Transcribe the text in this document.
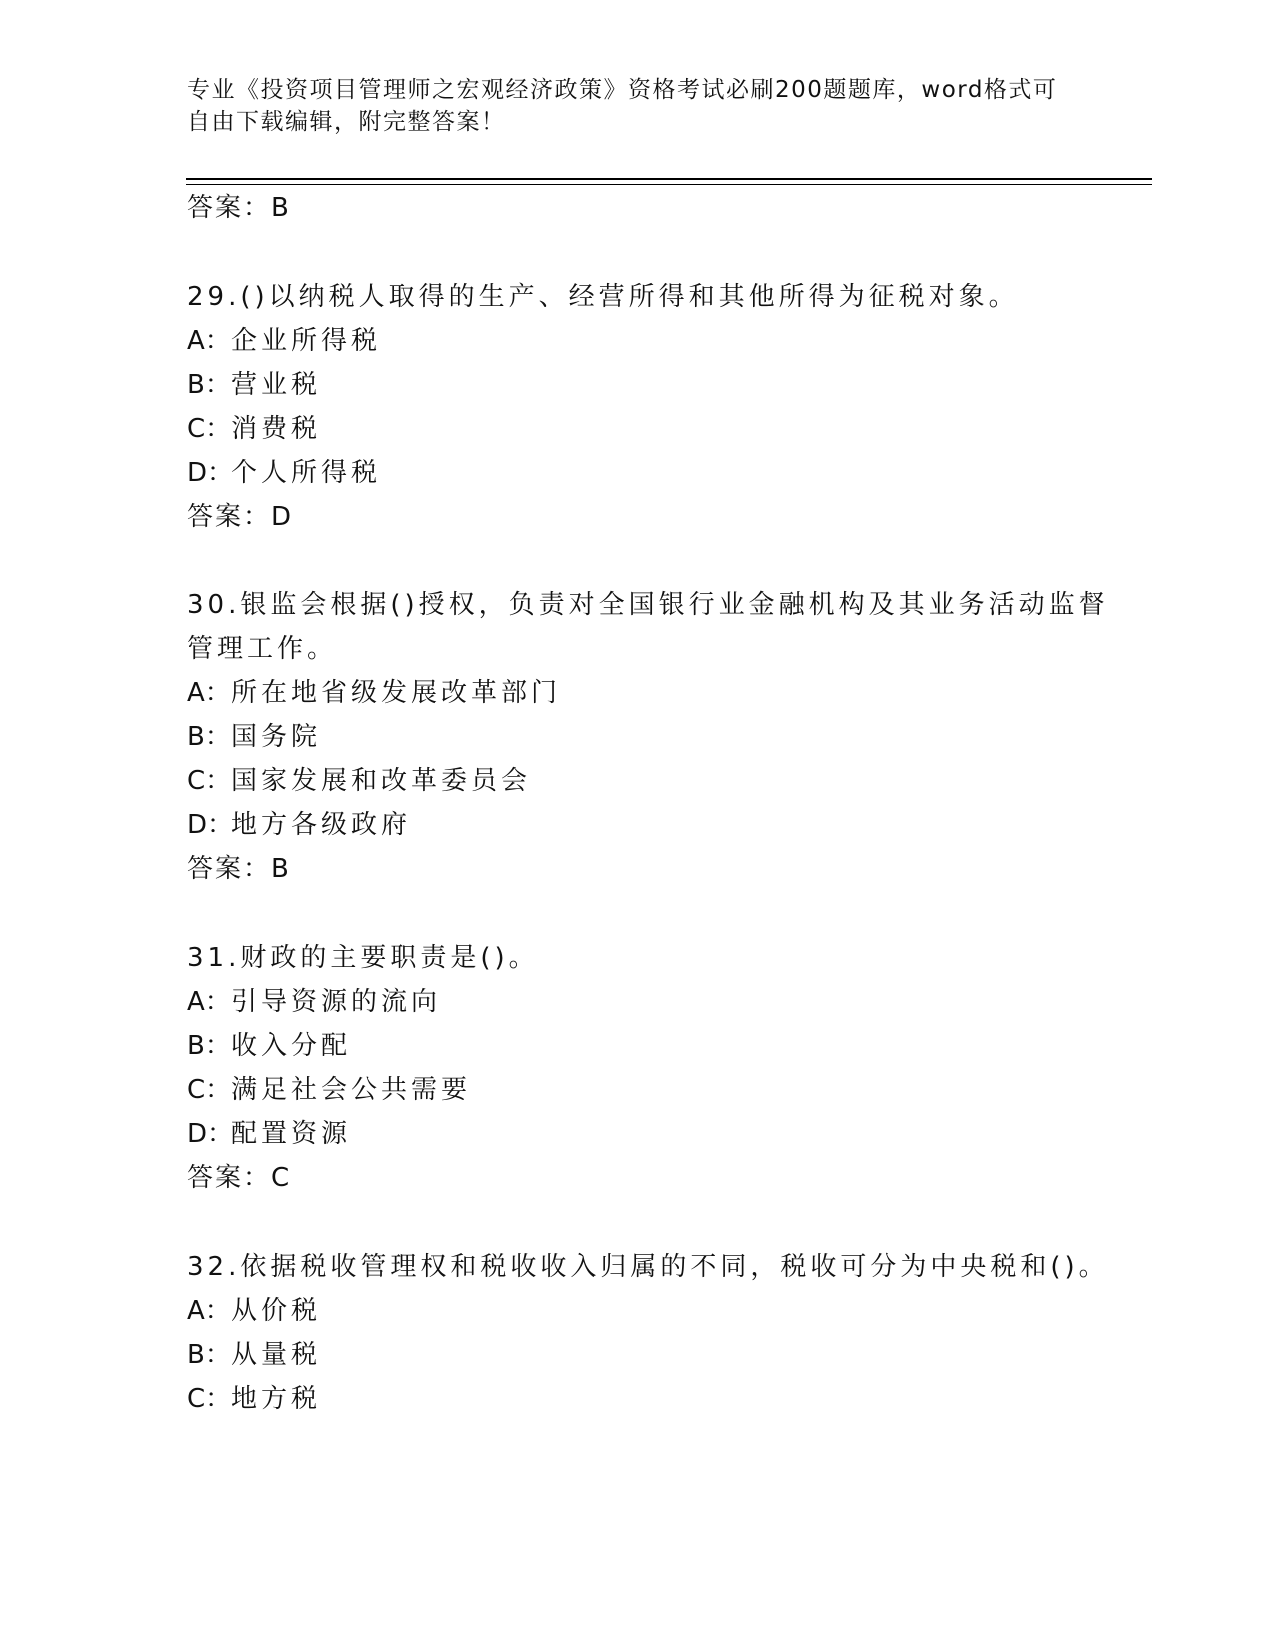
专业《投资项目管理师之宏观经济政策》资格考试必刷200题题库，word格式可
自由下载编辑，附完整答案！
答案：B
29.()以纳税人取得的生产、经营所得和其他所得为征税对象。
A：企业所得税
B：营业税
C：消费税
D：个人所得税
答案：D
30.银监会根据()授权，负责对全国银行业金融机构及其业务活动监督
管理工作。
A：所在地省级发展改革部门
B：国务院
C：国家发展和改革委员会
D：地方各级政府
答案：B
31.财政的主要职责是()。
A：引导资源的流向
B：收入分配
C：满足社会公共需要
D：配置资源
答案：C
32.依据税收管理权和税收收入归属的不同，税收可分为中央税和()。
A：从价税
B：从量税
C：地方税
